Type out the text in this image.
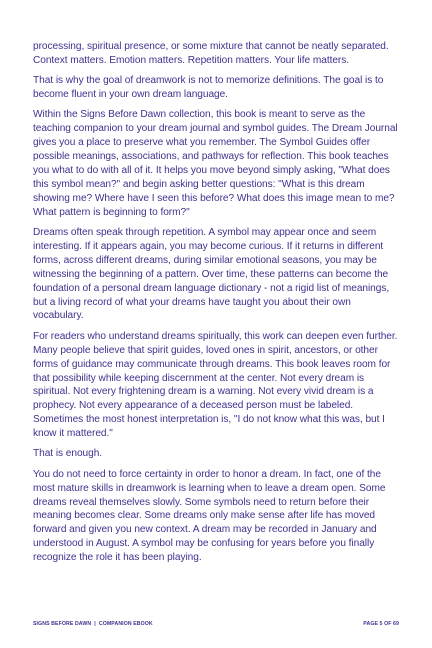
processing, spiritual presence, or some mixture that cannot be neatly separated. Context matters. Emotion matters. Repetition matters. Your life matters.

That is why the goal of dreamwork is not to memorize definitions. The goal is to become fluent in your own dream language.

Within the Signs Before Dawn collection, this book is meant to serve as the teaching companion to your dream journal and symbol guides. The Dream Journal gives you a place to preserve what you remember. The Symbol Guides offer possible meanings, associations, and pathways for reflection. This book teaches you what to do with all of it. It helps you move beyond simply asking, "What does this symbol mean?" and begin asking better questions: "What is this dream showing me? Where have I seen this before? What does this image mean to me? What pattern is beginning to form?"

Dreams often speak through repetition. A symbol may appear once and seem interesting. If it appears again, you may become curious. If it returns in different forms, across different dreams, during similar emotional seasons, you may be witnessing the beginning of a pattern. Over time, these patterns can become the foundation of a personal dream language dictionary - not a rigid list of meanings, but a living record of what your dreams have taught you about their own vocabulary.

For readers who understand dreams spiritually, this work can deepen even further. Many people believe that spirit guides, loved ones in spirit, ancestors, or other forms of guidance may communicate through dreams. This book leaves room for that possibility while keeping discernment at the center. Not every dream is spiritual. Not every frightening dream is a warning. Not every vivid dream is a prophecy. Not every appearance of a deceased person must be labeled. Sometimes the most honest interpretation is, "I do not know what this was, but I know it mattered."

That is enough.

You do not need to force certainty in order to honor a dream. In fact, one of the most mature skills in dreamwork is learning when to leave a dream open. Some dreams reveal themselves slowly. Some symbols need to return before their meaning becomes clear. Some dreams only make sense after life has moved forward and given you new context. A dream may be recorded in January and understood in August. A symbol may be confusing for years before you finally recognize the role it has been playing.

SIGNS BEFORE DAWN  |  COMPANION EBOOK	PAGE 5 OF 69
